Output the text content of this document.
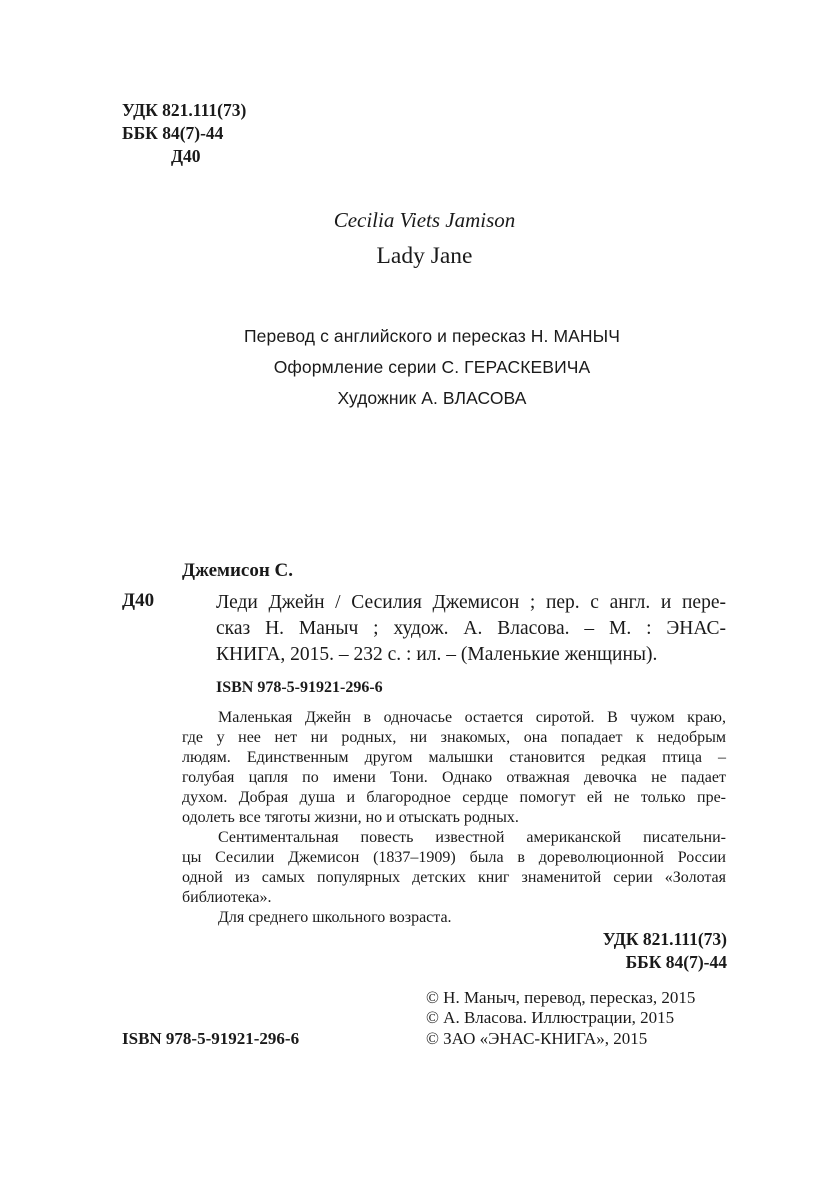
УДК 821.111(73)
ББК 84(7)-44
Д40
Cecilia Viets Jamison
Lady Jane
Перевод с английского и пересказ Н. МАНЫЧ
Оформление серии С. ГЕРАСКЕВИЧА
Художник А. ВЛАСОВА
Джемисон С.
Д40	Леди Джейн / Сесилия Джемисон ; пер. с англ. и пере-
сказ Н. Маныч ; худож. А. Власова. – М. : ЭНАС-
КНИГА, 2015. – 232 с. : ил. – (Маленькие женщины).
ISBN 978-5-91921-296-6
Маленькая Джейн в одночасье остается сиротой. В чужом краю,
где у нее нет ни родных, ни знакомых, она попадает к недобрым
людям. Единственным другом малышки становится редкая птица –
голубая цапля по имени Тони. Однако отважная девочка не падает
духом. Добрая душа и благородное сердце помогут ей не только пре-
одолеть все тяготы жизни, но и отыскать родных.
Сентиментальная повесть известной американской писательни-
цы Сесилии Джемисон (1837–1909) была в дореволюционной России
одной из самых популярных детских книг знаменитой серии «Золотая
библиотека».
Для среднего школьного возраста.
УДК 821.111(73)
ББК 84(7)-44
© Н. Маныч, перевод, пересказ, 2015
© А. Власова. Иллюстрации, 2015
© ЗАО «ЭНАС-КНИГА», 2015
ISBN 978-5-91921-296-6
